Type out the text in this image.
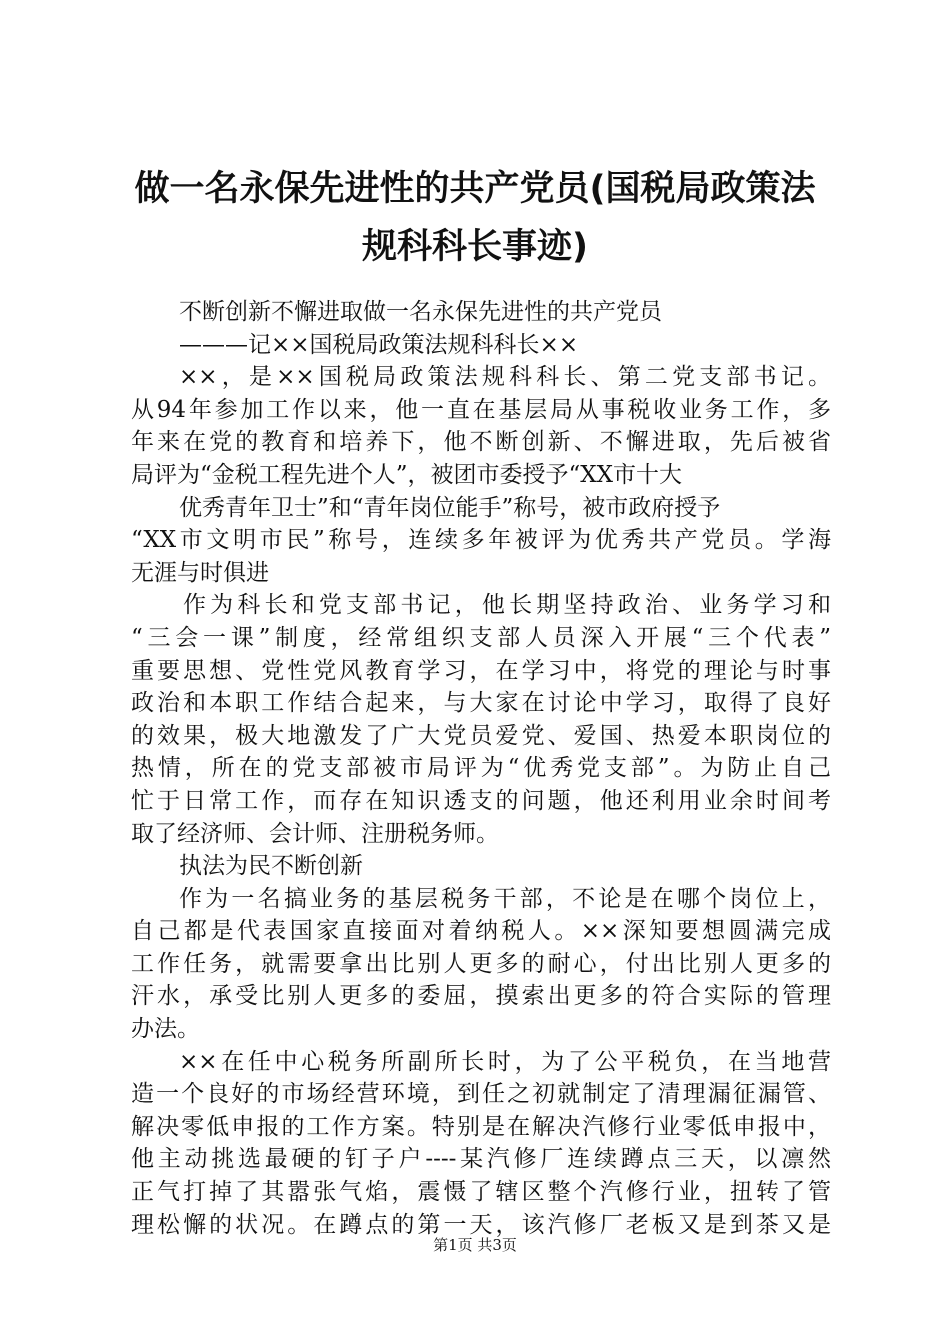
做一名永保先进性的共产党员(国税局政策法
规科科长事迹)
不断创新不懈进取做一名永保先进性的共产党员
———记××国税局政策法规科科长××
××，是××国税局政策法规科科长、第二党支部书记。
从94年参加工作以来，他一直在基层局从事税收业务工作，多
年来在党的教育和培养下，他不断创新、不懈进取，先后被省
局评为“金税工程先进个人”，被团市委授予“XX市十大
优秀青年卫士”和“青年岗位能手”称号，被市政府授予
“XX市文明市民”称号，连续多年被评为优秀共产党员。学海
无涯与时俱进
作为科长和党支部书记，他长期坚持政治、业务学习和
“三会一课”制度，经常组织支部人员深入开展“三个代表”
重要思想、党性党风教育学习，在学习中，将党的理论与时事
政治和本职工作结合起来，与大家在讨论中学习，取得了良好
的效果，极大地激发了广大党员爱党、爱国、热爱本职岗位的
热情，所在的党支部被市局评为“优秀党支部”。为防止自己
忙于日常工作，而存在知识透支的问题，他还利用业余时间考
取了经济师、会计师、注册税务师。
执法为民不断创新
作为一名搞业务的基层税务干部，不论是在哪个岗位上，
自己都是代表国家直接面对着纳税人。××深知要想圆满完成
工作任务，就需要拿出比别人更多的耐心，付出比别人更多的
汗水，承受比别人更多的委屈，摸索出更多的符合实际的管理
办法。
××在任中心税务所副所长时，为了公平税负，在当地营
造一个良好的市场经营环境，到任之初就制定了清理漏征漏管、
解决零低申报的工作方案。特别是在解决汽修行业零低申报中，
他主动挑选最硬的钉子户----某汽修厂连续蹲点三天，以凛然
正气打掉了其嚣张气焰，震慑了辖区整个汽修行业，扭转了管
理松懈的状况。在蹲点的第一天，该汽修厂老板又是到茶又是
第1页 共3页
